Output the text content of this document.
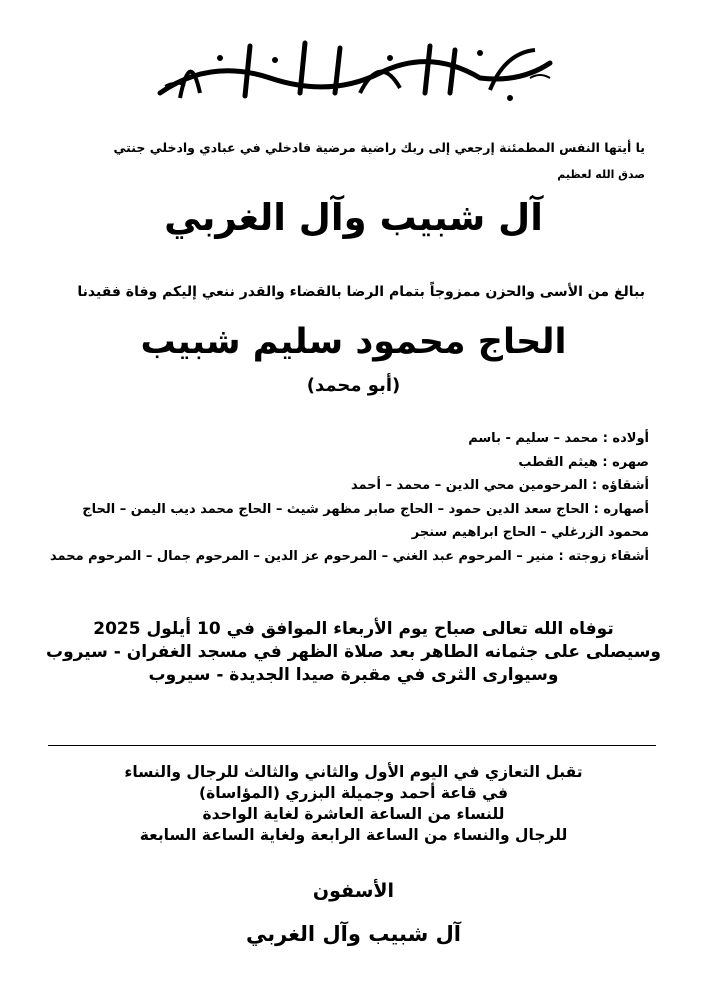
يا أيتها النفس المطمئنة إرجعي إلى ربك راضية مرضية فادخلي في عبادي وادخلي جنتي

صدق الله لعظيم

آل شبيب وآل الغربي

ببالغ من الأسى والحزن ممزوجاً بتمام الرضا بالقضاء والقدر ننعي إليكم وفاة فقيدنا

الحاج محمود سليم شبيب

(أبو محمد)

أولاده : محمد – سليم - باسم

صهره : هيثم القطب

أشقاؤه : المرحومين محي الدين – محمد – أحمد

أصهاره : الحاج سعد الدين حمود – الحاج صابر مظهر شيث – الحاج محمد ديب اليمن – الحاج محمود الزرغلي – الحاج ابراهيم سنجر

أشقاء زوجته : منير – المرحوم عبد الغني – المرحوم عز الدين – المرحوم جمال – المرحوم محمد

توفاه الله تعالى صباح يوم الأربعاء الموافق في 10 أيلول 2025

وسيصلى على جثمانه الطاهر بعد صلاة الظهر في مسجد الغفران - سيروب

وسيوارى الثرى في مقبرة صيدا الجديدة - سيروب

تقبل التعازي في اليوم الأول والثاني والثالث للرجال والنساء

في قاعة أحمد وجميلة البزري (المؤاساة)

للنساء من الساعة العاشرة لغاية الواحدة

للرجال والنساء من الساعة الرابعة ولغاية الساعة السابعة

الأسفون

آل شبيب وآل الغربي
